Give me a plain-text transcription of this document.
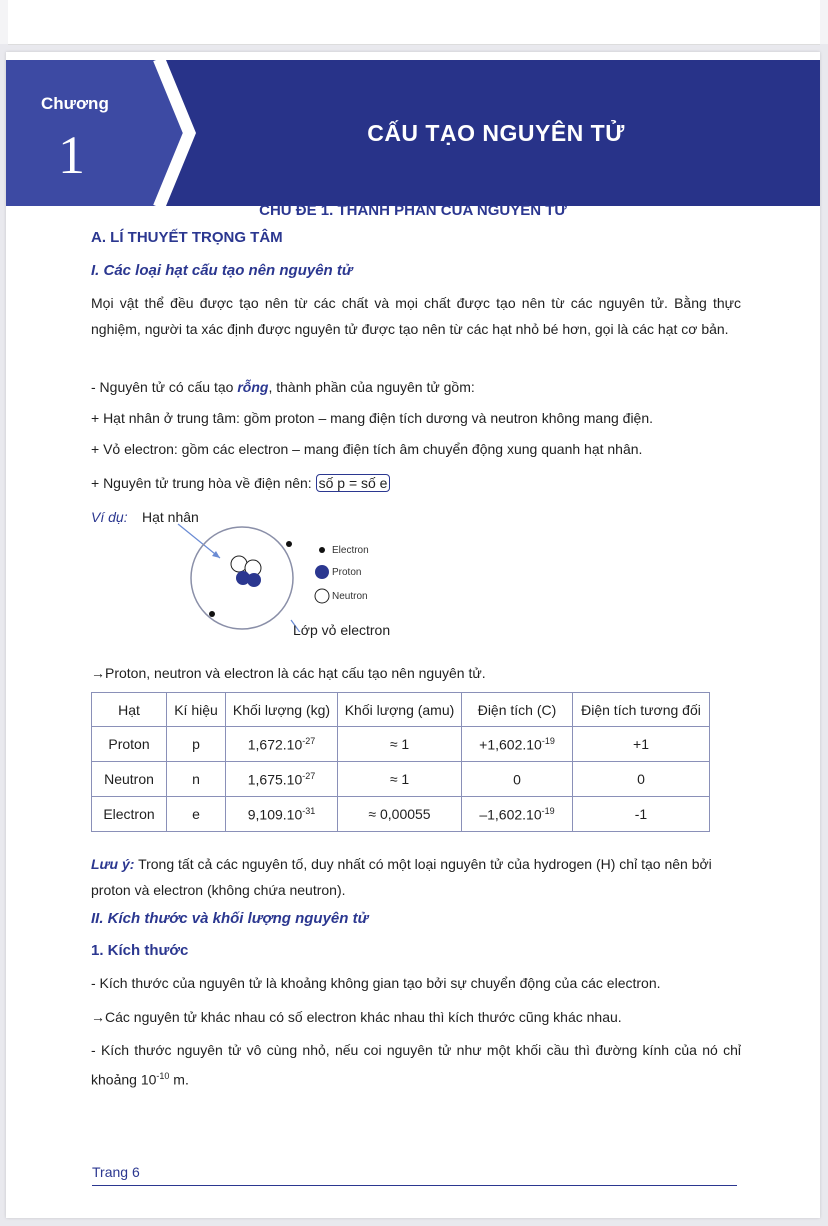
Chương
1	CẤU TẠO NGUYÊN TỬ
CHỦ ĐỀ 1. THÀNH PHẦN CỦA NGUYÊN TỬ
A. LÍ THUYẾT TRỌNG TÂM
I. Các loại hạt cấu tạo nên nguyên tử
Mọi vật thể đều được tạo nên từ các chất và mọi chất được tạo nên từ các nguyên tử. Bằng thực nghiệm, người ta xác định được nguyên tử được tạo nên từ các hạt nhỏ bé hơn, gọi là các hạt cơ bản.
- Nguyên tử có cấu tạo rỗng, thành phần của nguyên tử gồm:
+ Hạt nhân ở trung tâm: gồm proton – mang điện tích dương và neutron không mang điện.
+ Vỏ electron: gồm các electron – mang điện tích âm chuyển động xung quanh hạt nhân.
+ Nguyên tử trung hòa về điện nên: số p = số e
Ví dụ: Hạt nhân
Electron
Proton
Neutron
Lớp vỏ electron
→Proton, neutron và electron là các hạt cấu tạo nên nguyên tử.
Hạt	Kí hiệu	Khối lượng (kg)	Khối lượng (amu)	Điện tích (C)	Điện tích tương đối
Proton	p	$1,672.10^{-27}$	≈ 1	$+1,602.10^{-19}$	+1
Neutron	n	$1,675.10^{-27}$	≈ 1	0	0
Electron	e	$9,109.10^{-31}$	≈ 0,00055	$-1,602.10^{-19}$	-1
Lưu ý: Trong tất cả các nguyên tố, duy nhất có một loại nguyên tử của hydrogen (H) chỉ tạo nên bởi proton và electron (không chứa neutron).
II. Kích thước và khối lượng nguyên tử
1. Kích thước
- Kích thước của nguyên tử là khoảng không gian tạo bởi sự chuyển động của các electron.
→Các nguyên tử khác nhau có số electron khác nhau thì kích thước cũng khác nhau.
- Kích thước nguyên tử vô cùng nhỏ, nếu coi nguyên tử như một khối cầu thì đường kính của nó chỉ khoảng $10^{-10}$ m.
Trang 6
